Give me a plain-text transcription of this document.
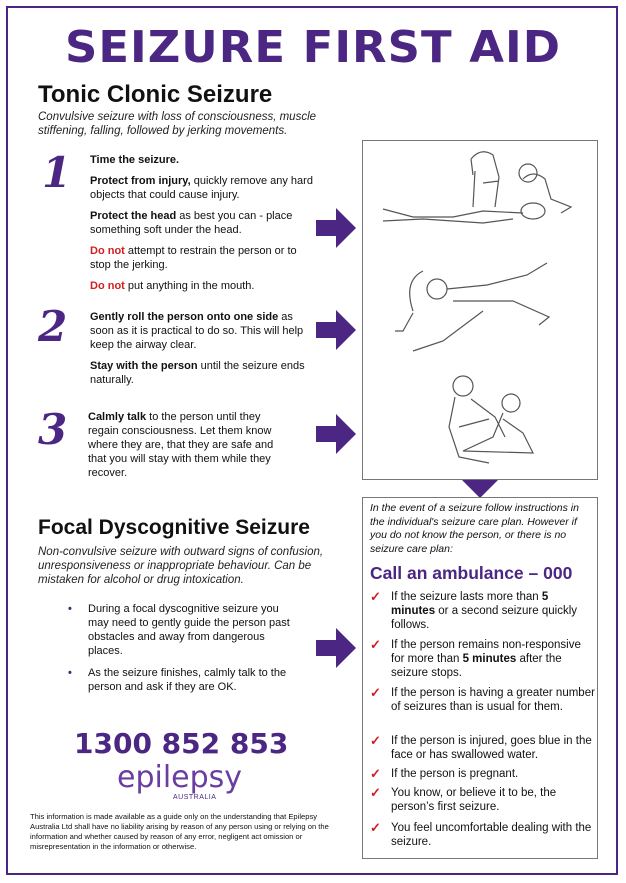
SEIZURE FIRST AID
Tonic Clonic Seizure
Convulsive seizure with loss of consciousness, muscle stiffening, falling, followed by jerking movements.
1 Time the seizure.

Protect from injury, quickly remove any hard objects that could cause injury.

Protect the head as best you can - place something soft under the head.

Do not attempt to restrain the person or to stop the jerking.

Do not put anything in the mouth.

2 Gently roll the person onto one side as soon as it is practical to do so. This will help keep the airway clear.

Stay with the person until the seizure ends naturally.

3 Calmly talk to the person until they regain consciousness. Let them know where they are, that they are safe and that you will stay with them while they recover.

Focal Dyscognitive Seizure
Non-convulsive seizure with outward signs of confusion, unresponsiveness or inappropriate behaviour. Can be mistaken for alcohol or drug intoxication.
• During a focal dyscognitive seizure you may need to gently guide the person past obstacles and away from dangerous places.
• As the seizure finishes, calmly talk to the person and ask if they are OK.
In the event of a seizure follow instructions in the individual's seizure care plan. However if you do not know the person, or there is no seizure care plan:
Call an ambulance – 000
✓ If the seizure lasts more than 5 minutes or a second seizure quickly follows.
✓ If the person remains non-responsive for more than 5 minutes after the seizure stops.
✓ If the person is having a greater number of seizures than is usual for them.
✓ If the person is injured, goes blue in the face or has swallowed water.
✓ If the person is pregnant.
✓ You know, or believe it to be, the person’s first seizure.
✓ You feel uncomfortable dealing with the seizure.
1300 852 853
epilepsy
AUSTRALIA
This information is made available as a guide only on the understanding that Epilepsy Australia Ltd shall have no liability arising by reason of any person using or relying on the information and whether caused by reason of any error, negligent act omission or misrepresentation in the information or otherwise.
